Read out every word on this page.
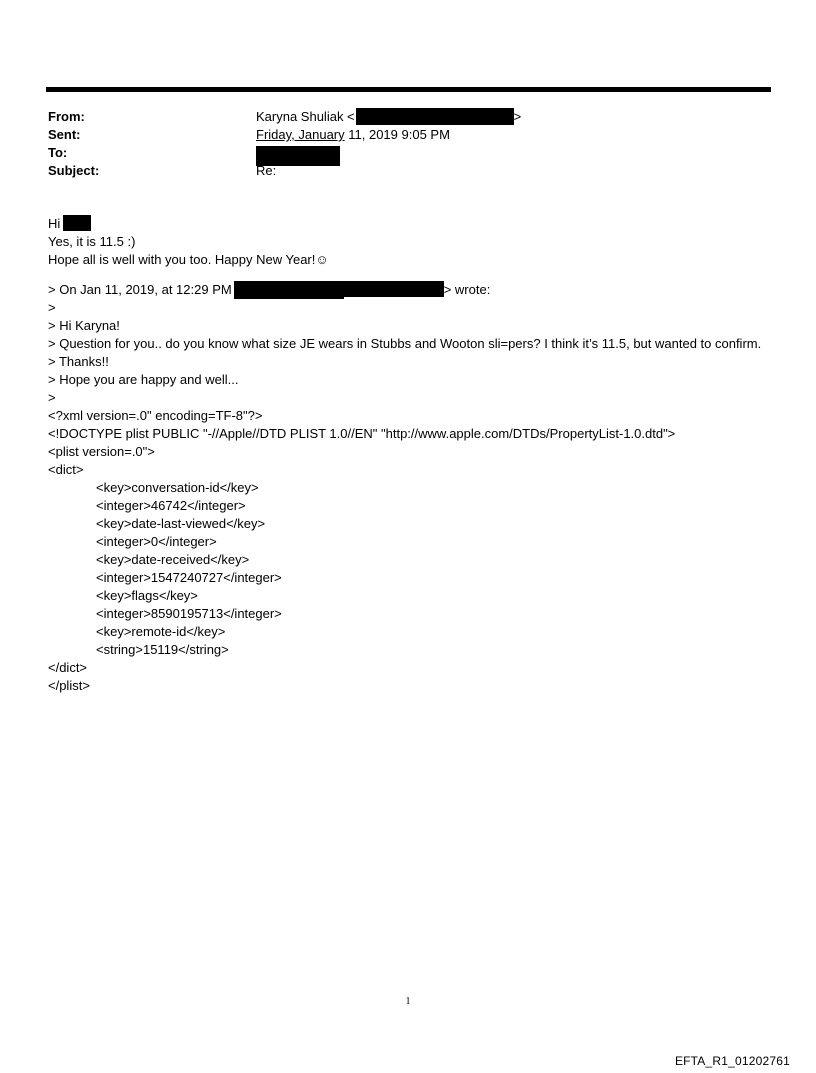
From:	Karyna Shuliak <	>
Sent:	Friday, January 11, 2019 9:05 PM
To:
Subject:	Re:
Hi
Yes, it is 11.5 :)
Hope all is well with you too. Happy New Year!☺
> On Jan 11, 2019, at 12:29 PM	> wrote:
>
> Hi Karyna!
> Question for you.. do you know what size JE wears in Stubbs and Wooton sli=pers? I think it’s 11.5, but wanted to confirm.
> Thanks!!
> Hope you are happy and well...
>
<?xml version=.0" encoding=TF-8"?>
<!DOCTYPE plist PUBLIC "-//Apple//DTD PLIST 1.0//EN" "http://www.apple.com/DTDs/PropertyList-1.0.dtd">
<plist version=.0">
<dict>
<key>conversation-id</key>
<integer>46742</integer>
<key>date-last-viewed</key>
<integer>0</integer>
<key>date-received</key>
<integer>1547240727</integer>
<key>flags</key>
<integer>8590195713</integer>
<key>remote-id</key>
<string>15119</string>
</dict>
</plist>
1
EFTA_R1_01202761
